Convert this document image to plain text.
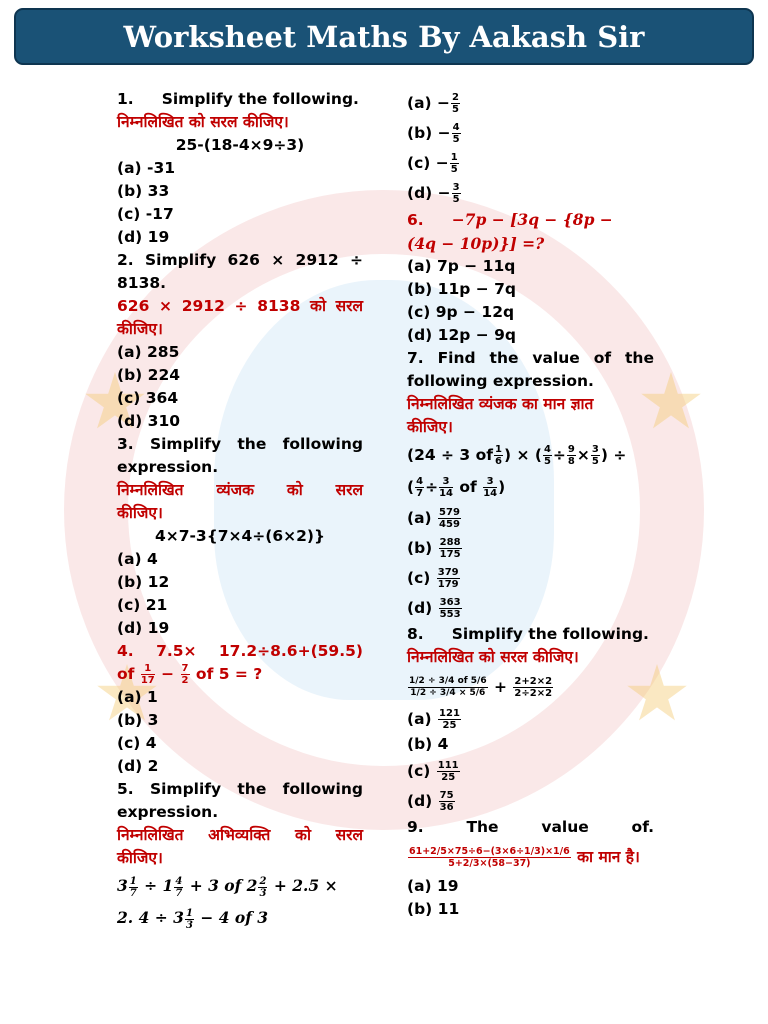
Worksheet Maths By Aakash Sir
1. Simplify the following.
निम्नलिखित को सरल कीजिए।
25-(18-4×9÷3)
(a) -31
(b) 33
(c) -17
(d) 19
2. Simplify 626 × 2912 ÷
8138.
626 × 2912 ÷ 8138 को सरल
कीजिए।
(a) 285
(b) 224
(c) 364
(d) 310
3. Simplify the following
expression.
निम्नलिखित व्यंजक को सरल
कीजिए।
4×7-3{7×4÷(6×2)}
(a) 4
(b) 12
(c) 21
(d) 19
4. 7.5× 17.2÷8.6+(59.5)
of $\frac{1}{17} - \frac{7}{2}$ of 5 = ?
(a) 1
(b) 3
(c) 4
(d) 2
5. Simplify the following
expression.
निम्नलिखित अभिव्यक्ति को सरल
कीजिए।
$3 \frac{1}{7} \div 1 \frac{4}{7} + 3$ of $2 \frac{2}{3} + 2.5$ ×
2. $4 \div 3 \frac{1}{3} - 4$ of 3
$(a) - \frac{2}{5}$
$(b) - \frac{4}{5}$
$(c) - \frac{1}{5}$
$(d) - \frac{3}{5}$
6. −7p − [3q − {8p −
(4q − 10p)}] =?
(a) 7p − 11q
(b) 11p − 7q
(c) 9p − 12q
(d) 12p − 9q
7. Find the value of the
following expression.
निम्नलिखित व्यंजक का मान ज्ञात
कीजिए।
(24 ÷ 3 of $\frac{1}{6}$ ) × ( $\frac{4}{5} \div \frac{9}{8} \times \frac{3}{5}$ ) ÷
( $\frac{4}{7} \div \frac{3}{14}$ of $\frac{3}{14}$ )
$(a) \frac{579}{459}$
$(b) \frac{288}{175}$
$(c) \frac{379}{179}$
$(d) \frac{363}{553}$
8. Simplify the following.
निम्नलिखित को सरल कीजिए।
$\frac{1/2 \div 3/4 of 5/6}{1/2 \div 3/4 \times 5/6} + \frac{2+2\times 2}{2\div 2\times 2}$
$(a) \frac{121}{25}$
(b) 4
$(c) \frac{111}{25}$
$(d) \frac{75}{36}$
9.	The	value	of.
$\frac{61+2/5\times 75\div 6-(3\times 6\div 1/3)\times 1/6}{5+2/3\times(58-37)}$ का मान है।
(a) 19
(b) 11
